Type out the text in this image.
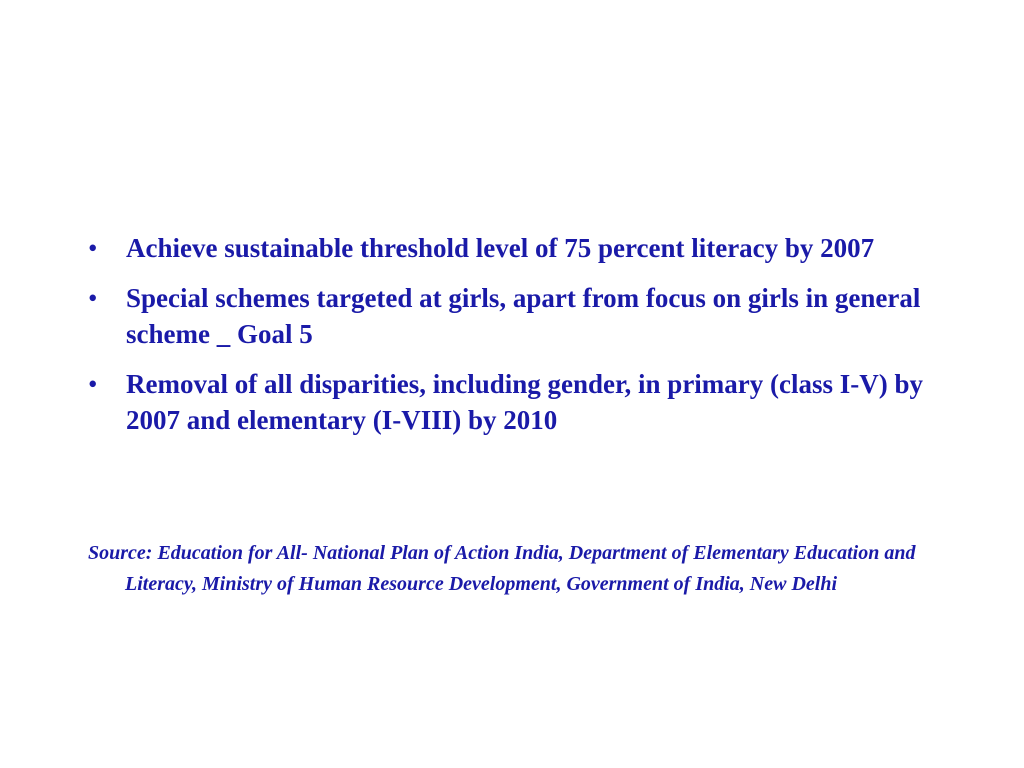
•	Achieve sustainable threshold level of 75 percent literacy by 2007
•	Special schemes targeted at girls, apart from focus on girls in general scheme _ Goal 5
•	Removal of all disparities, including gender, in primary (class I-V) by 2007 and elementary (I-VIII) by 2010
Source: Education for All- National Plan of Action India, Department of Elementary Education and Literacy, Ministry of Human Resource Development, Government of India, New Delhi
